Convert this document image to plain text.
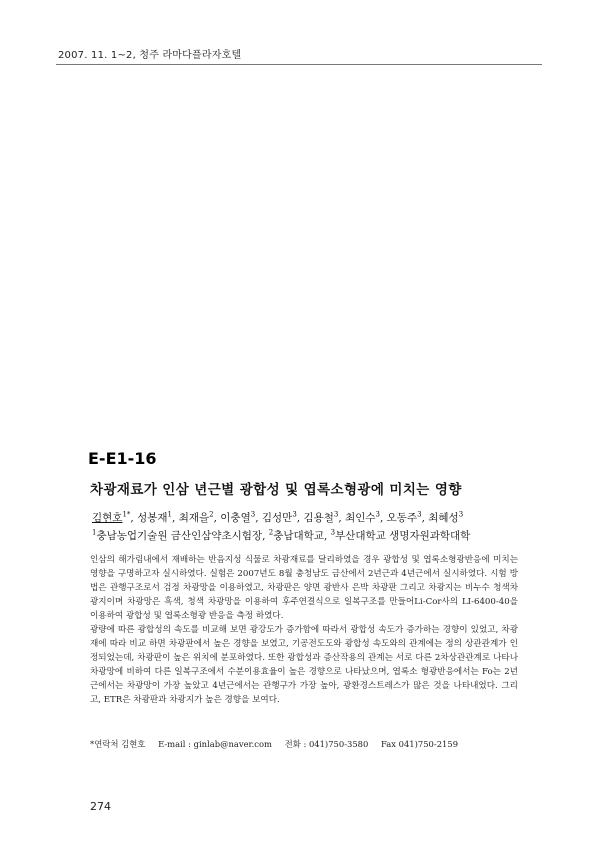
2007. 11. 1~2, 청주 라마다플라자호텔
E-E1-16
차광재료가 인삼 년근별 광합성 및 엽록소형광에 미치는 영향
김현호$^{1*}$, 성봉재$^1$, 최재을$^2$, 이충열$^3$, 김성만$^3$, 김용철$^3$, 최인수$^3$, 오동주$^3$, 최혜성$^3$
$^1$충남농업기술원 금산인삼약초시험장, $^2$충남대학교, $^3$부산대학교 생명자원과학대학

인삼의 해가림내에서 재배하는 반음지성 식물로 차광재료를 달리하였을 경우 광합성 및 엽록소형광반응에 미치는 영향을 구명하고자 실시하였다. 실험은 2007년도 8월 충청남도 금산에서 2년근과 4년근에서 실시하였다. 시험 방법은 관행구조로서 검정 차광망을 이용하였고, 차광판은 양면 광반사 은박 차광판 그리고 차광지는 비누수 청색차광지이며 차광망은 흑색, 청색 차광망을 이용하여 후주연결식으로 일복구조를 만들어Li-Cor사의 LI-6400-40을 이용하여 광합성 및 엽록소형광 반응을 측정 하였다.

광량에 따른 광합성의 속도를 비교해 보면 광강도가 증가함에 따라서 광합성 속도가 증가하는 경향이 있었고, 차광재에 따라 비교 하면 차광판에서 높은 경향을 보였고, 기공전도도와 광합성 속도와의 관계에는 정의 상관관계가 인정되었는데, 차광판이 높은 위치에 분포하였다. 또한 광합성과 증산작용의 관계는 서로 다른 2차상관관계로 나타나 차광망에 비하여 다른 일복구조에서 수분이용효율이 높은 경향으로 나타났으며, 엽록소 형광반응에서는 Fo는 2년근에서는 차광망이 가장 높았고 4년근에서는 관행구가 가장 높아, 광환경스트레스가 많은 것을 나타내었다. 그리고, ETR은 차광판과 차광지가 높은 경향을 보여다.

*연락처 김현호 E-mail : ginlab@naver.com 전화 : 041)750-3580 Fax 041)750-2159
274
